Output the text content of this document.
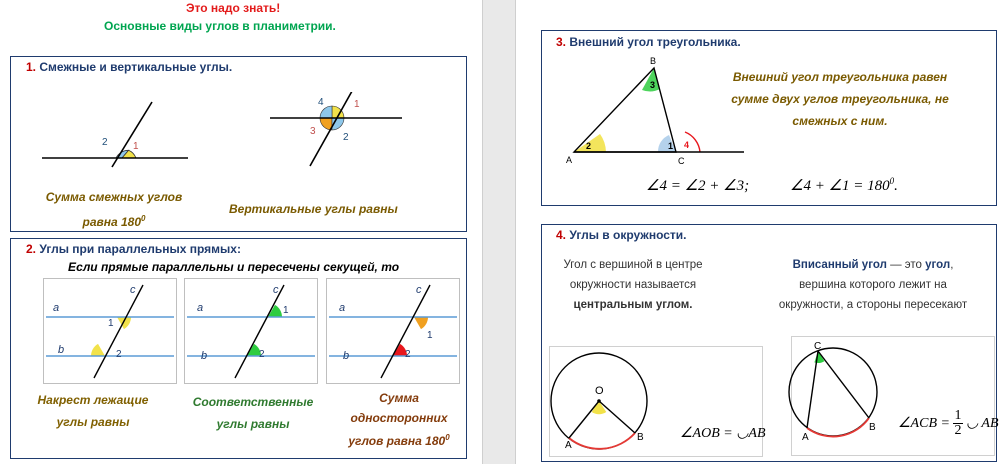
Это надо знать!
Основные виды углов в планиметрии.
1. Смежные и вертикальные углы.
2	1
4	1
3
2
Сумма смежных углов
равна $180^0$
Вертикальные углы равны
2. Углы при параллельных прямых:
Если прямые параллельны и пересечены секущей, то
a
b
c
1
2
a
b
c
1
2
a
b
c
1
2
Накрест лежащие
углы равны
Соответственные
углы равны
Сумма
односторонних
углов равна $180^0$
3. Внешний угол треугольника.
B
A	C
3
2	1 4
Внешний угол треугольника равен
сумме двух углов треугольника, не
смежных с ним.
∠4 = ∠2 + ∠3;	∠4 + ∠1 = $180^0$.
4. Углы в окружности.
Угол с вершиной в центре
окружности называется
центральным углом.
Вписанный угол — это угол,
вершина которого лежит на
окружности, а стороны пересекают
O
A
B	∠AOB = ◡AB
C
A
B ∠ACB = $\frac{1}{2}$ ◡ AB
